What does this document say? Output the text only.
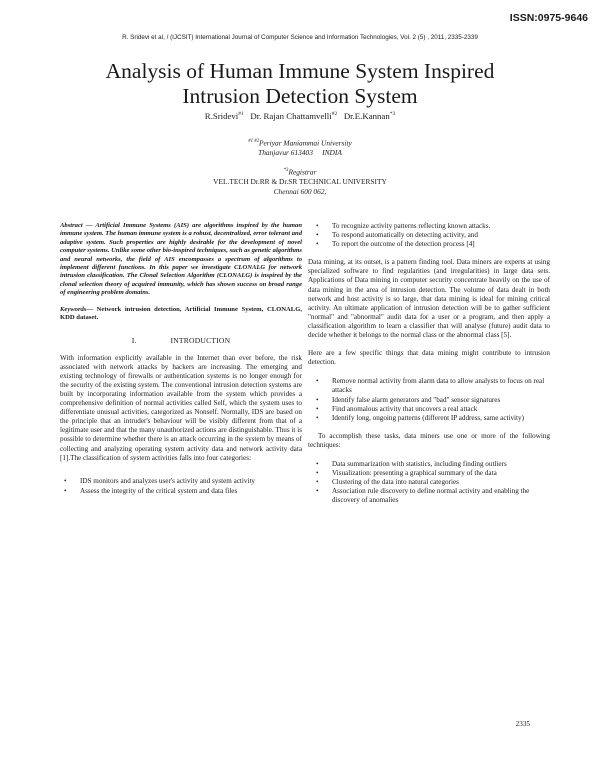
ISSN:0975-9646
R. Sridevi et al, / (IJCSIT) International Journal of Computer Science and Information Technologies, Vol. 2 (5) , 2011, 2335-2339
Analysis of Human Immune System Inspired
Intrusion Detection System
R.Sridevi$^{\#1}$ Dr. Rajan Chattamvelli$^{\#2}$ Dr.E.Kannan$^{*3}$
$^{\#1 \#2}$Periyar Maniammai University
Thanjavur 613403     INDIA
$^{*3}$Registrar
VEL.TECH Dr.RR & Dr.SR TECHNICAL UNIVERSITY
Chennai 600 062,

Abstract — Artificial Immune Systems (AIS) are algorithms inspired by the human immune system. The human immune system is a robust, decentralized, error tolerant and adaptive system. Such properties are highly desirable for the development of novel computer systems. Unlike some other bio-inspired techniques, such as genetic algorithms and neural networks, the field of AIS encompasses a spectrum of algorithms to implement different functions. In this paper we investigate CLONALG for network intrusion classification. The Clonal Selection Algorithm (CLONALG) is inspired by the clonal selection theory of acquired immunity, which has shown success on broad range of engineering problem domains.

Keywords— Network intrusion detection, Artificial Immune System, CLONALG, KDD dataset.

I.	INTRODUCTION

With information explicitly available in the Internet than ever before, the risk associated with network attacks by hackers are increasing. The emerging and existing technology of firewalls or authentication systems is no longer enough for the security of the existing system. The conventional intrusion detection systems are built by incorporating information available from the system which provides a comprehensive definition of normal activities called Self, which the system uses to differentiate unusual activities, categorized as Nonself. Normally, IDS are based on the principle that an intruder's behaviour will be visibly different from that of a legitimate user and that the many unauthorized actions are distinguishable. Thus it is possible to determine whether there is an attack occurring in the system by means of collecting and analyzing operating system activity data and network activity data [1].The classification of system activities falls into four categories:

• IDS monitors and analyzes user's activity and system activity
• Assess the integrity of the critical system and data files
• To recognize activity patterns reflecting known attacks.
• To respond automatically on detecting activity, and
• To report the outcome of the detection process [4]

Data mining, at its outset, is a pattern finding tool. Data miners are experts at using specialized software to find regularities (and irregularities) in large data sets. Applications of Data mining in computer security concentrate heavily on the use of data mining in the area of intrusion detection. The volume of data dealt in both network and host activity is so large, that data mining is ideal for mining critical activity. An ultimate application of intrusion detection will be to gather sufficient "normal" and "abnormal" audit data for a user or a program, and then apply a classification algorithm to learn a classifier that will analyse (future) audit data to decide whether it belongs to the normal class or the abnormal class [5].

Here are a few specific things that data mining might contribute to intrusion detection.

• Remove normal activity from alarm data to allow analysts to focus on real attacks
• Identify false alarm generators and "bad" sensor signatures
• Find anomalous activity that uncovers a real attack
• Identify long, ongoing patterns (different IP address, same activity)

To accomplish these tasks, data miners use one or more of the following techniques:

• Data summarization with statistics, including finding outliers
• Visualization: presenting a graphical summary of the data
• Clustering of the data into natural categories
• Association rule discovery to define normal activity and enabling the discovery of anomalies
2335
